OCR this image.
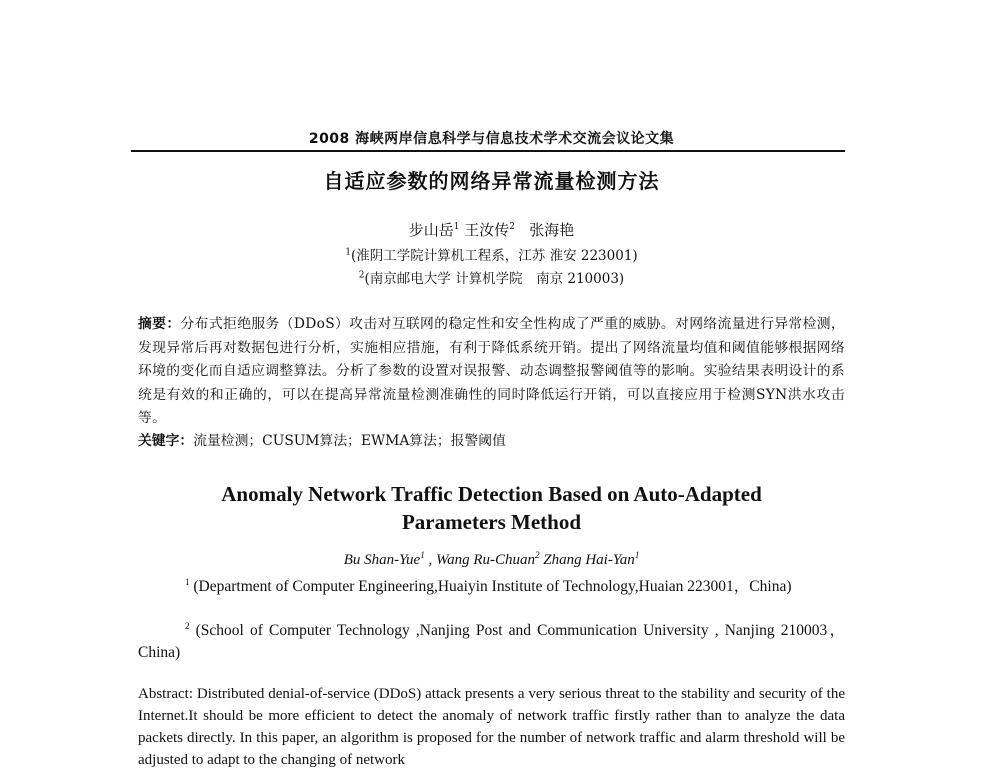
2008 海峡两岸信息科学与信息技术学术交流会议论文集
自适应参数的网络异常流量检测方法
步山岳$^1$ 王汝传$^2$ 张海艳
$^1$(淮阴工学院计算机工程系，江苏 淮安 223001)
$^2$(南京邮电大学 计算机学院　南京 210003)
摘要：分布式拒绝服务（DDoS）攻击对互联网的稳定性和安全性构成了严重的威胁。对网络流量进行异常检测，发现异常后再对数据包进行分析，实施相应措施，有利于降低系统开销。提出了网络流量均值和阈值能够根据网络环境的变化而自适应调整算法。分析了参数的设置对误报警、动态调整报警阈值等的影响。实验结果表明设计的系统是有效的和正确的，可以在提高异常流量检测准确性的同时降低运行开销，可以直接应用于检测SYN洪水攻击等。
关键字：流量检测；CUSUM算法；EWMA算法；报警阈值
Anomaly Network Traffic Detection Based on Auto-Adapted
Parameters Method
Bu Shan-Yue$^1$ , Wang Ru-Chuan$^2$ Zhang Hai-Yan$^1$
$^1$ (Department of Computer Engineering,Huaiyin Institute of Technology,Huaian 223001，China)
$^2$ (School of Computer Technology ,Nanjing Post and Communication University , Nanjing 210003，China)
Abstract: Distributed denial-of-service (DDoS) attack presents a very serious threat to the stability and security of the Internet.It should be more efficient to detect the anomaly of network traffic firstly rather than to analyze the data packets directly. In this paper, an algorithm is proposed for the number of network traffic and alarm threshold will be adjusted to adapt to the changing of network
